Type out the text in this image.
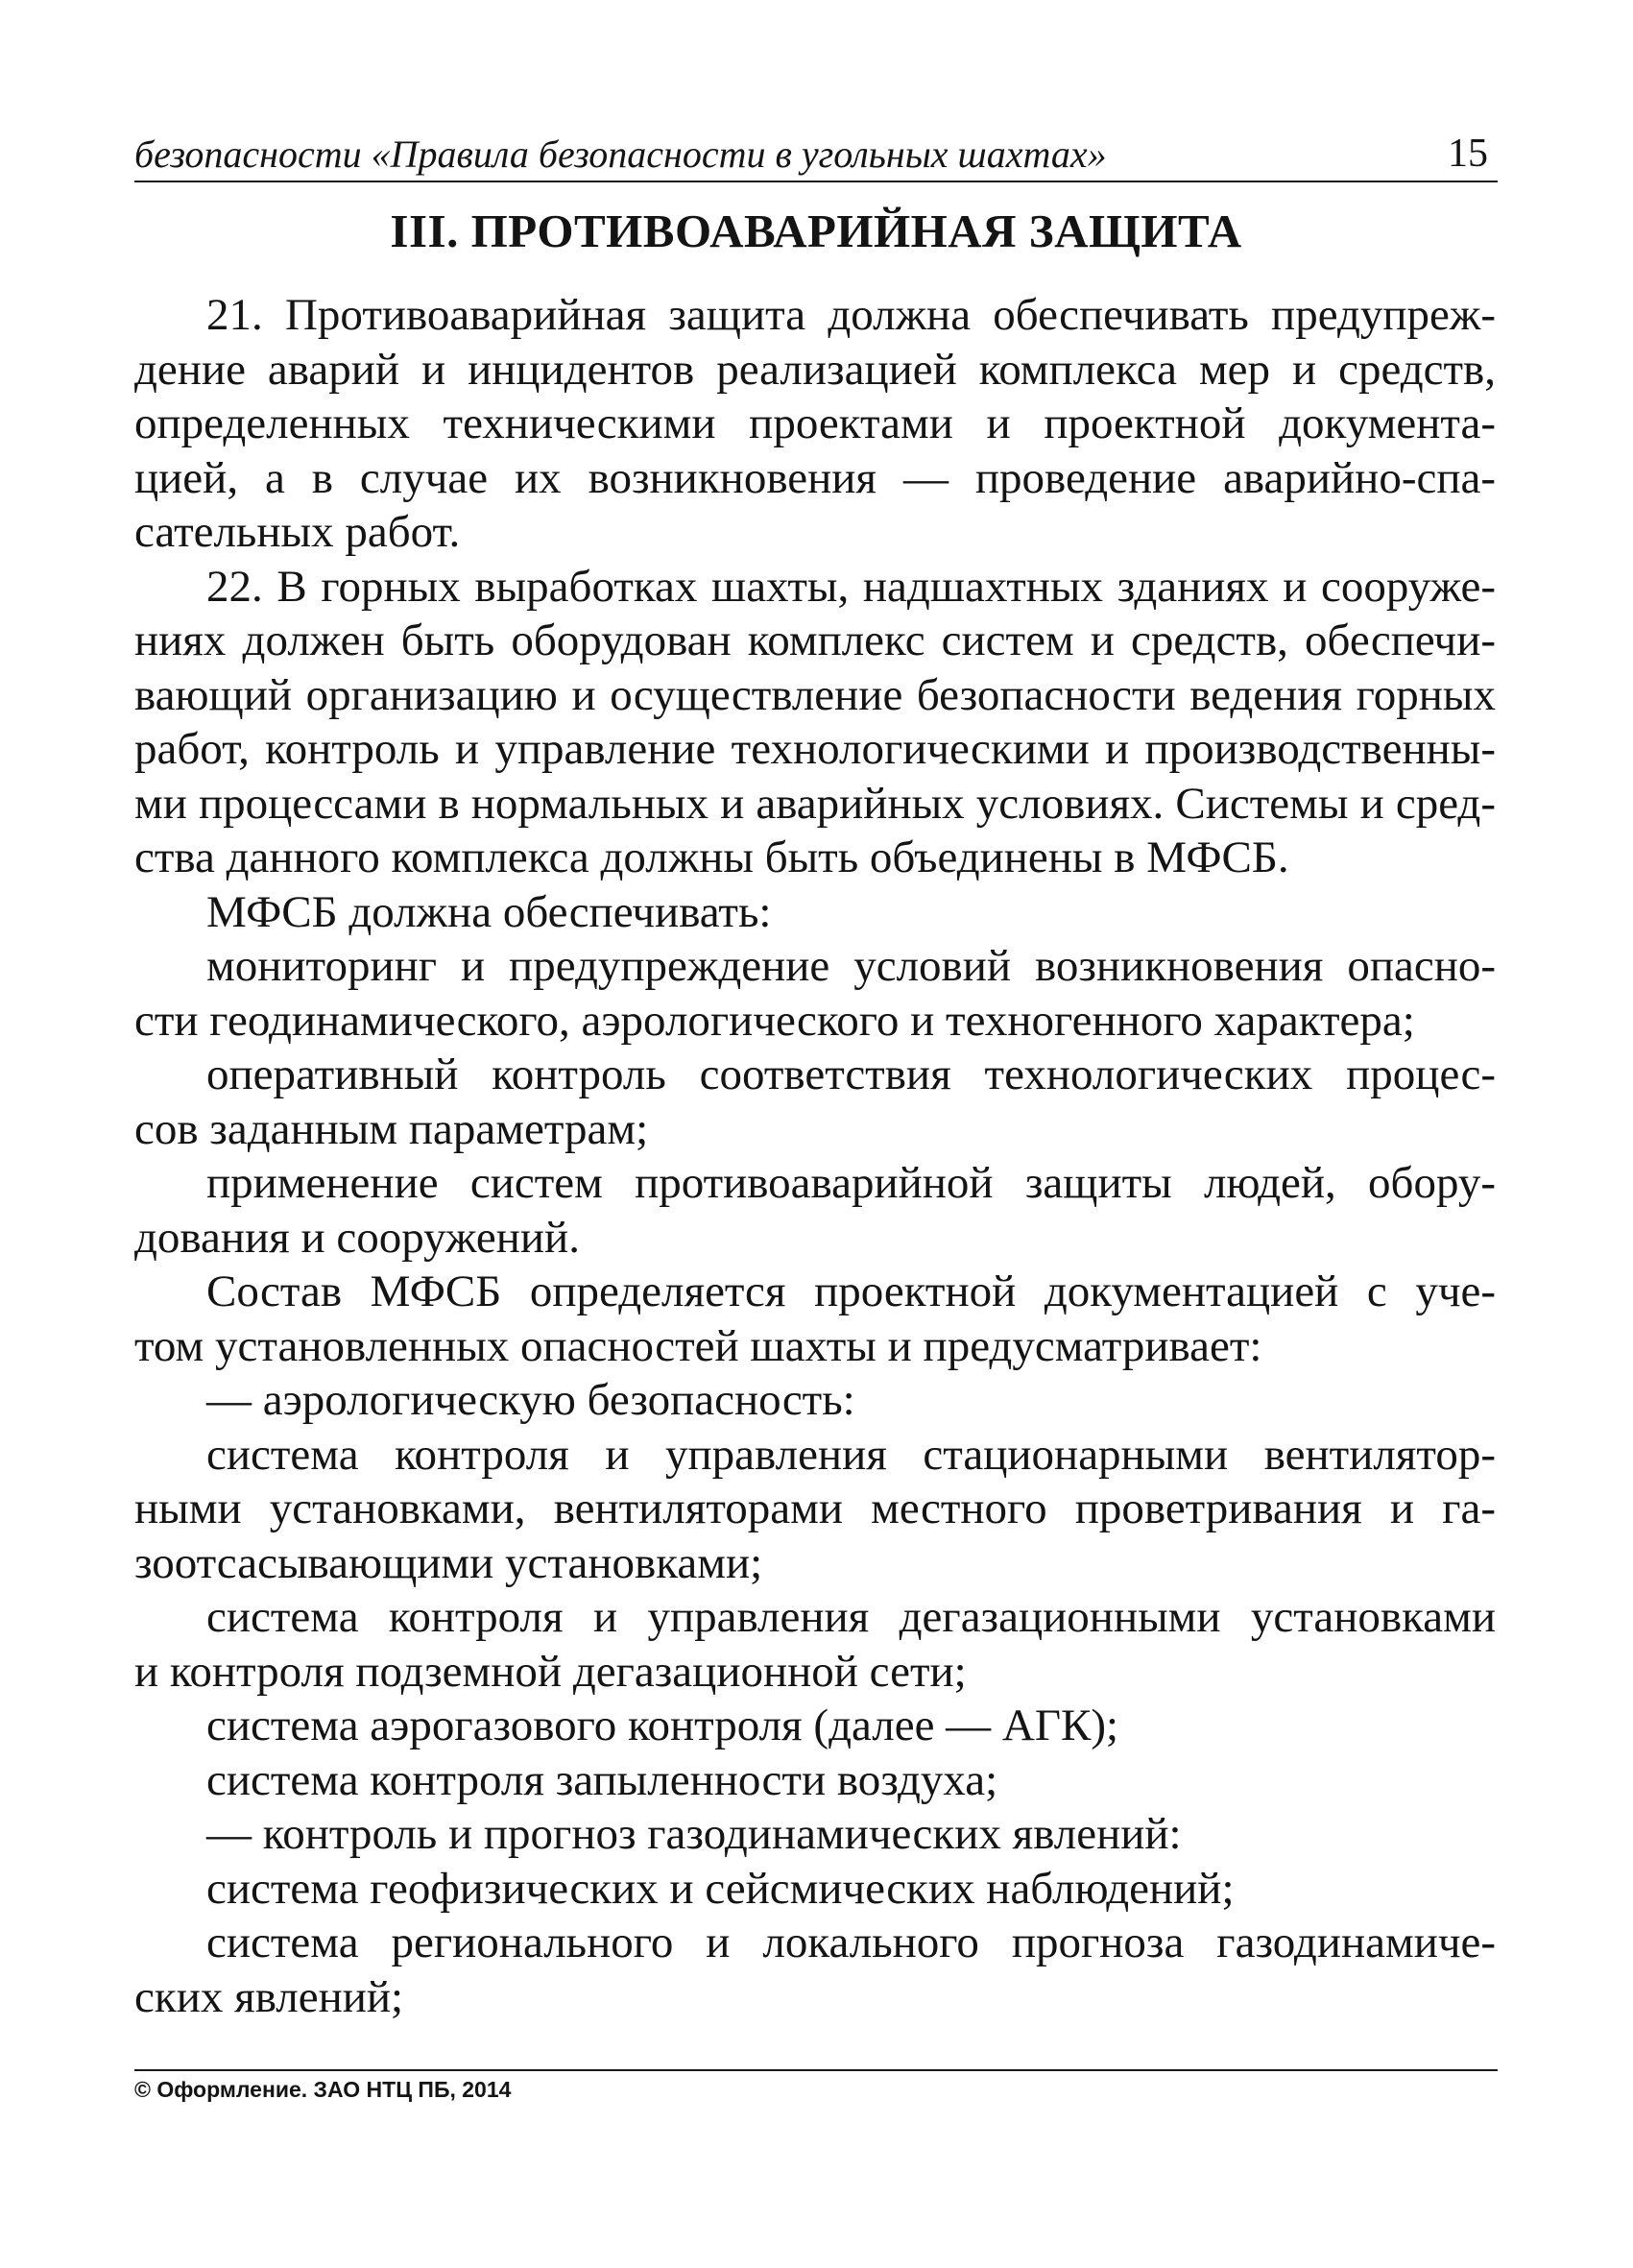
безопасности «Правила безопасности в угольных шахтах»	15
III. ПРОТИВОАВАРИЙНАЯ ЗАЩИТА
21. Противоаварийная защита должна обеспечивать предупреж-
дение аварий и инцидентов реализацией комплекса мер и средств,
определенных техническими проектами и проектной документа-
цией, а в случае их возникновения — проведение аварийно-спа-
сательных работ.
22. В горных выработках шахты, надшахтных зданиях и сооруже-
ниях должен быть оборудован комплекс систем и средств, обеспечи-
вающий организацию и осуществление безопасности ведения горных
работ, контроль и управление технологическими и производственны-
ми процессами в нормальных и аварийных условиях. Системы и сред-
ства данного комплекса должны быть объединены в МФСБ.
МФСБ должна обеспечивать:
мониторинг и предупреждение условий возникновения опасно-
сти геодинамического, аэрологического и техногенного характера;
оперативный контроль соответствия технологических процес-
сов заданным параметрам;
применение систем противоаварийной защиты людей, обору-
дования и сооружений.
Состав МФСБ определяется проектной документацией с уче-
том установленных опасностей шахты и предусматривает:
— аэрологическую безопасность:
система контроля и управления стационарными вентилятор-
ными установками, вентиляторами местного проветривания и га-
зоотсасывающими установками;
система контроля и управления дегазационными установками
и контроля подземной дегазационной сети;
система аэрогазового контроля (далее — АГК);
система контроля запыленности воздуха;
— контроль и прогноз газодинамических явлений:
система геофизических и сейсмических наблюдений;
система регионального и локального прогноза газодинамиче-
ских явлений;
© Оформление. ЗАО НТЦ ПБ, 2014
